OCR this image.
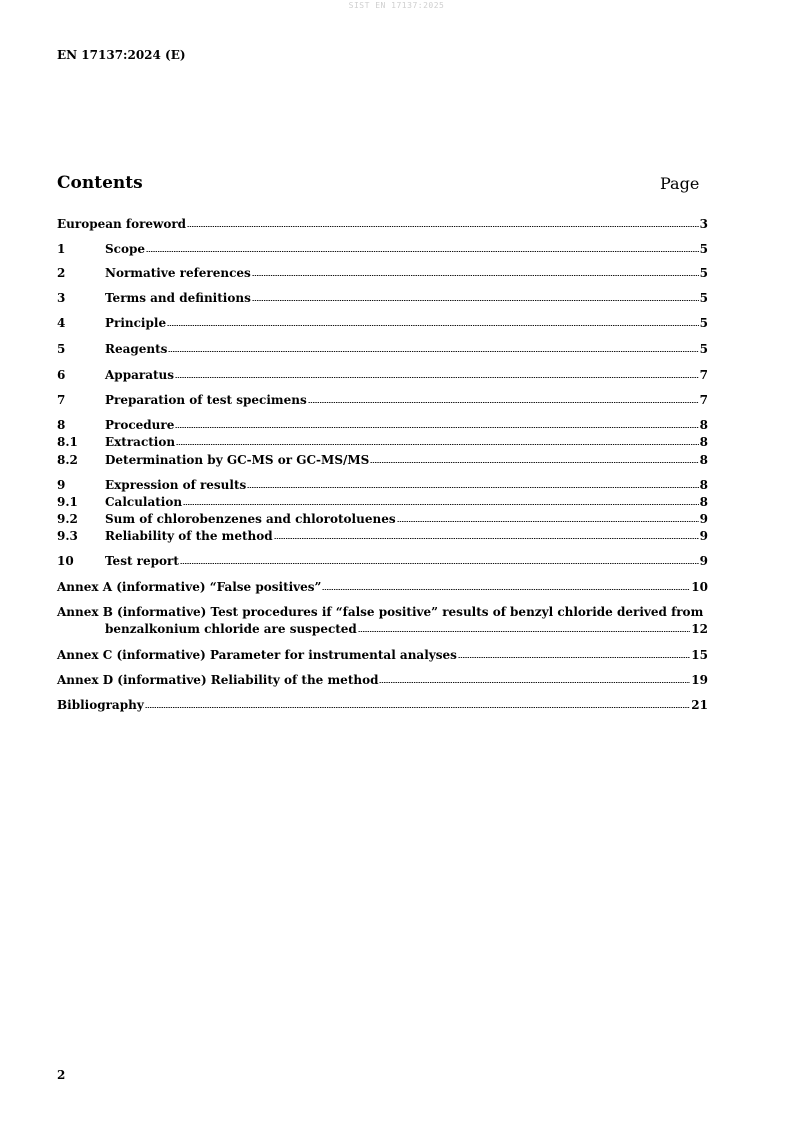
SIST EN 17137:2025
EN 17137:2024 (E)
Contents	Page
European foreword	3
1	Scope	5
2	Normative references	5
3	Terms and definitions	5
4	Principle	5
5	Reagents	5
6	Apparatus	7
7	Preparation of test specimens	7
8	Procedure	8
8.1	Extraction	8
8.2	Determination by GC-MS or GC-MS/MS	8
9	Expression of results	8
9.1	Calculation	8
9.2	Sum of chlorobenzenes and chlorotoluenes	9
9.3	Reliability of the method	9
10	Test report	9
Annex A (informative) “False positives”	10
Annex B (informative) Test procedures if “false positive” results of benzyl chloride derived from
benzalkonium chloride are suspected	12
Annex C (informative) Parameter for instrumental analyses	15
Annex D (informative) Reliability of the method	19
Bibliography	21
2
